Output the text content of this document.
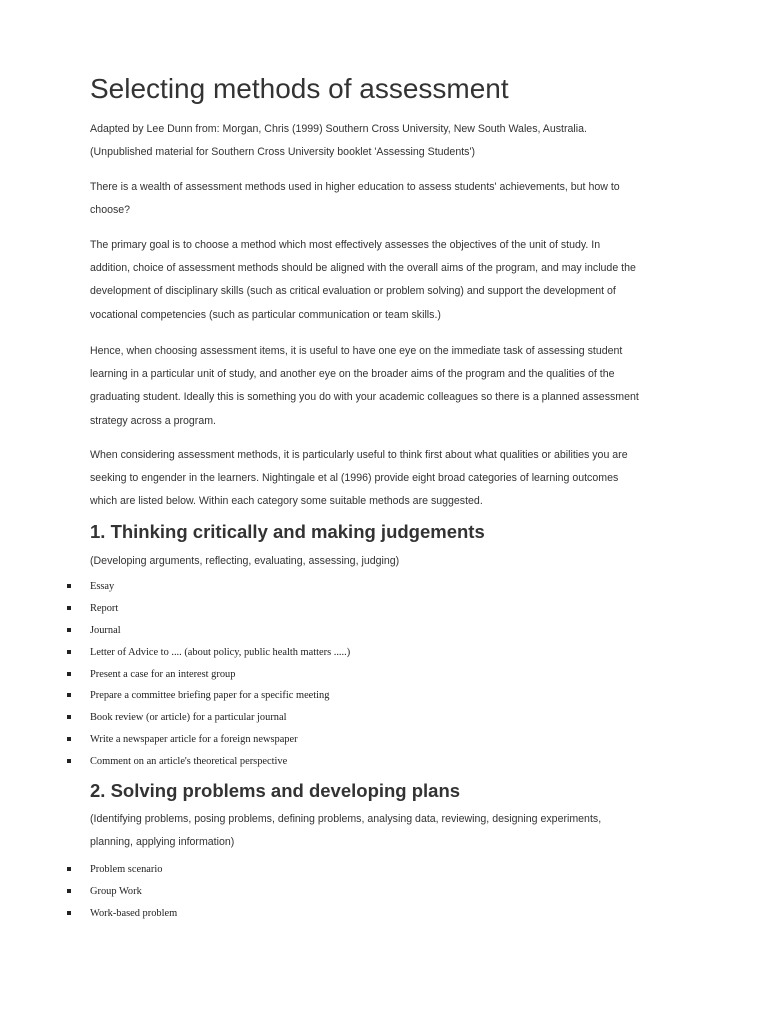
Selecting methods of assessment

Adapted by Lee Dunn from: Morgan, Chris (1999) Southern Cross University, New South Wales, Australia.
(Unpublished material for Southern Cross University booklet 'Assessing Students')

There is a wealth of assessment methods used in higher education to assess students' achievements, but how to
choose?

The primary goal is to choose a method which most effectively assesses the objectives of the unit of study. In
addition, choice of assessment methods should be aligned with the overall aims of the program, and may include the
development of disciplinary skills (such as critical evaluation or problem solving) and support the development of
vocational competencies (such as particular communication or team skills.)

Hence, when choosing assessment items, it is useful to have one eye on the immediate task of assessing student
learning in a particular unit of study, and another eye on the broader aims of the program and the qualities of the
graduating student. Ideally this is something you do with your academic colleagues so there is a planned assessment
strategy across a program.

When considering assessment methods, it is particularly useful to think first about what qualities or abilities you are
seeking to engender in the learners. Nightingale et al (1996) provide eight broad categories of learning outcomes
which are listed below. Within each category some suitable methods are suggested.

1. Thinking critically and making judgements

(Developing arguments, reflecting, evaluating, assessing, judging)

Essay
Report
Journal
Letter of Advice to .... (about policy, public health matters .....)
Present a case for an interest group
Prepare a committee briefing paper for a specific meeting
Book review (or article) for a particular journal
Write a newspaper article for a foreign newspaper
Comment on an article's theoretical perspective
2. Solving problems and developing plans

(Identifying problems, posing problems, defining problems, analysing data, reviewing, designing experiments,
planning, applying information)

Problem scenario
Group Work
Work-based problem
